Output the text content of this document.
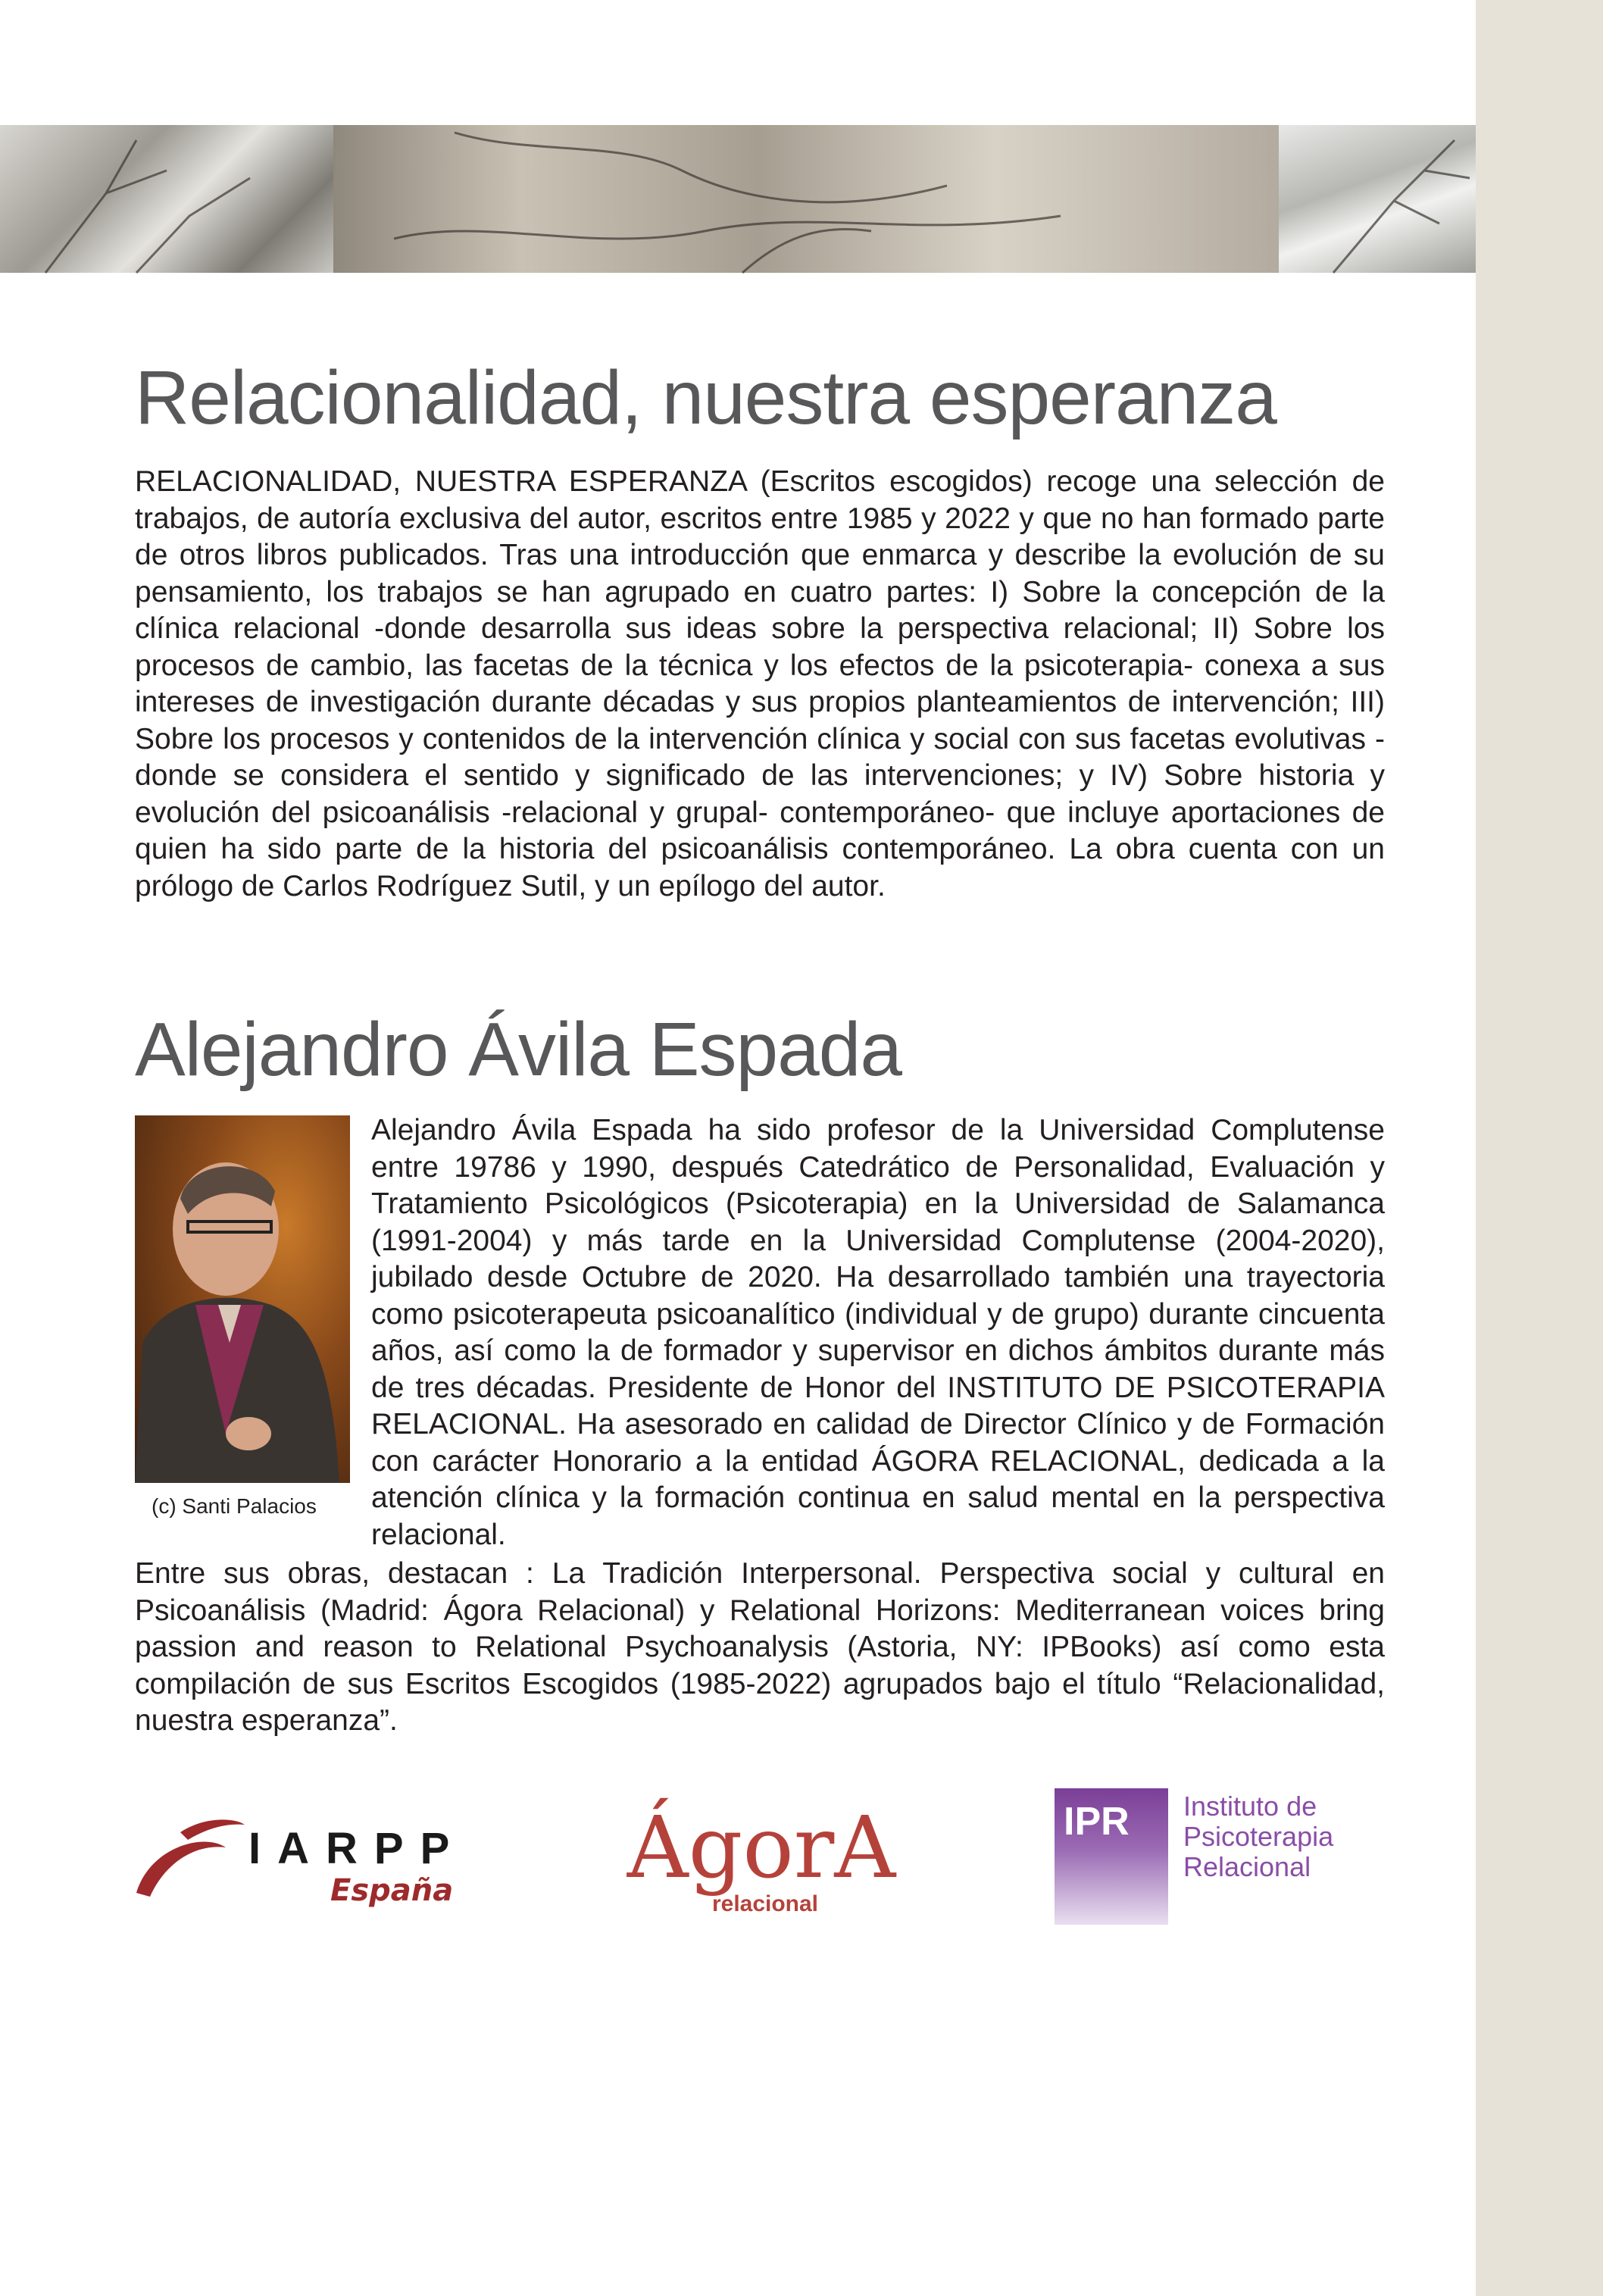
Relacionalidad, nuestra esperanza

RELACIONALIDAD, NUESTRA ESPERANZA (Escritos escogidos) recoge una selección de trabajos, de autoría exclusiva del autor, escritos entre 1985 y 2022 y que no han formado parte de otros libros publicados. Tras una introducción que enmarca y describe la evolución de su pensamiento, los trabajos se han agrupado en cuatro partes: I) Sobre la concepción de la clínica relacional -donde desarrolla sus ideas sobre la perspectiva relacional; II) Sobre los procesos de cambio, las facetas de la técnica y los efectos de la psicoterapia- conexa a sus intereses de investigación durante décadas y sus propios planteamientos de intervención; III) Sobre los procesos y contenidos de la intervención clínica y social con sus facetas evolutivas - donde se considera el sentido y significado de las intervenciones; y IV) Sobre historia y evolución del psicoanálisis -relacional y grupal- contemporáneo- que incluye aportaciones de quien ha sido parte de la historia del psicoanálisis contemporáneo. La obra cuenta con un prólogo de Carlos Rodríguez Sutil, y un epílogo del autor.

Alejandro Ávila Espada
(c) Santi Palacios

Alejandro Ávila Espada ha sido profesor de la Universidad Complutense entre 19786 y 1990, después Catedrático de Personalidad, Evaluación y Tratamiento Psicológicos (Psicoterapia) en la Universidad de Salamanca (1991-2004) y más tarde en la Universidad Complutense (2004-2020), jubilado desde Octubre de 2020. Ha desarrollado también una trayectoria como psicoterapeuta psicoanalítico (individual y de grupo) durante cincuenta años, así como la de formador y supervisor en dichos ámbitos durante más de tres décadas. Presidente de Honor del INSTITUTO DE PSICOTERAPIA RELACIONAL. Ha asesorado en calidad de Director Clínico y de Formación con carácter Honorario a la entidad ÁGORA RELACIONAL, dedicada a la atención clínica y la formación continua en salud mental en la perspectiva relacional.

Entre sus obras, destacan : La Tradición Interpersonal. Perspectiva social y cultural en Psicoanálisis (Madrid: Ágora Relacional) y Relational Horizons: Mediterranean voices bring passion and reason to Relational Psychoanalysis (Astoria, NY: IPBooks) así como esta compilación de sus Escritos Escogidos (1985-2022) agrupados bajo el título “Relacionalidad, nuestra esperanza”.

IARPP
España ÁgorA
relacional
IPR Instituto de
Psicoterapia
Relacional
